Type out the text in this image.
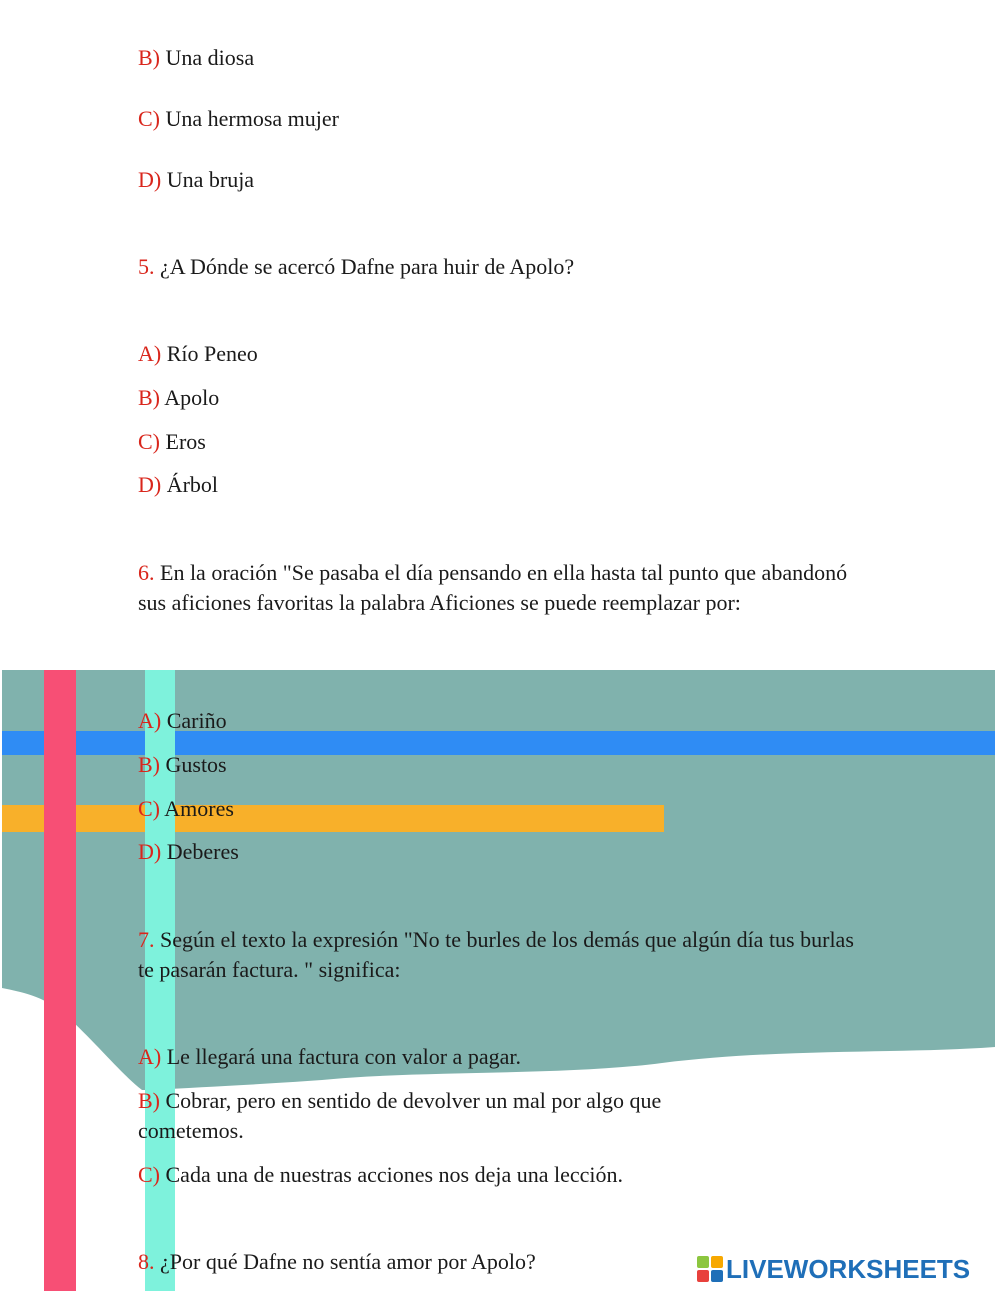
B) Una diosa
C) Una hermosa mujer
D) Una bruja
5. ¿A Dónde se acercó Dafne para huir de Apolo?
A) Río Peneo
B) Apolo
C) Eros
D) Árbol
6. En la oración "Se pasaba el día pensando en ella hasta tal punto que abandonó sus aficiones favoritas la palabra Aficiones se puede reemplazar por:
A) Cariño
B) Gustos
C) Amores
D) Deberes
7. Según el texto la expresión "No te burles de los demás que algún día tus burlas te pasarán factura. " significa:
A) Le llegará una factura con valor a pagar.
B) Cobrar, pero en sentido de devolver un mal por algo que cometemos.
C) Cada una de nuestras acciones nos deja una lección.
8. ¿Por qué Dafne no sentía amor por Apolo?	LIVEWORKSHEETS
